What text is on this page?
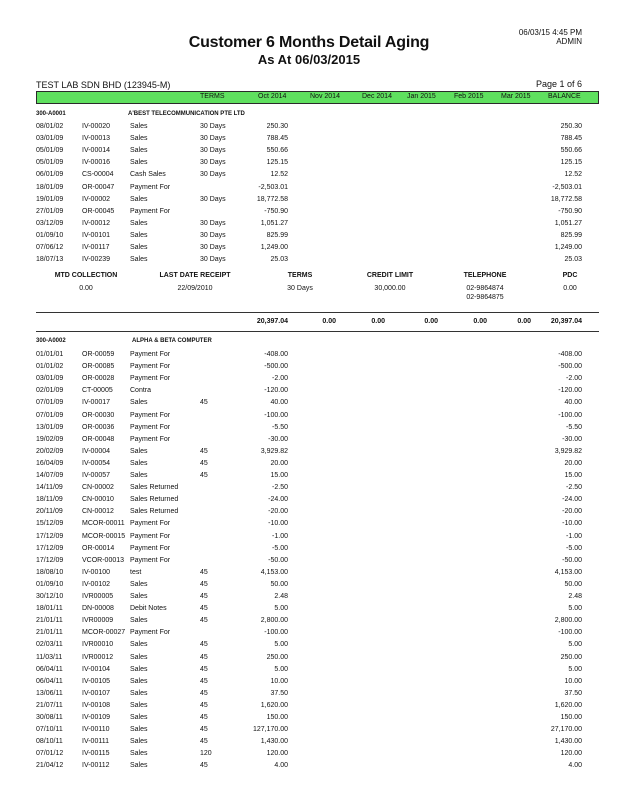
06/03/15 4:45 PM
ADMIN
Customer 6 Months Detail Aging
As At 06/03/2015
TEST LAB SDN BHD (123945-M)	Page 1 of 6
TERMS	Oct 2014	Nov 2014	Dec 2014 Jan 2015	Feb 2015 Mar 2015 BALANCE
300-A0001	A'BEST TELECOMMUNICATION PTE LTD
08/01/02	IV-00020	Sales	30 Days	250.30	250.30
03/01/09	IV-00013	Sales	30 Days	788.45	788.45
05/01/09	IV-00014	Sales	30 Days	550.66	550.66
05/01/09	IV-00016	Sales	30 Days	125.15	125.15
06/01/09	CS-00004 Cash Sales	30 Days	12.52	12.52
18/01/09	OR-00047 Payment For	-2,503.01	-2,503.01
19/01/09	IV-00002	Sales	30 Days	18,772.58	18,772.58
27/01/09	OR-00045 Payment For	-750.90	-750.90
03/12/09	IV-00012	Sales	30 Days	1,051.27	1,051.27
01/09/10	IV-00101	Sales	30 Days	825.99	825.99
07/06/12	IV-00117	Sales	30 Days	1,249.00	1,249.00
18/07/13	IV-00239	Sales	30 Days	25.03	25.03
MTD COLLECTION	LAST DATE RECEIPT	TERMS	CREDIT LIMIT	TELEPHONE	PDC
0.00	22/09/2010	30 Days	30,000.00	02-9864874
02-9864875
0.00
20,397.04	0.00	0.00	0.00	0.00	0.00	20,397.04
300-A0002	ALPHA & BETA COMPUTER
01/01/01	OR-00059 Payment For	-408.00	-408.00
01/01/02	OR-00085 Payment For	-500.00	-500.00
03/01/09	OR-00028 Payment For	-2.00	-2.00
02/01/09	CT-00005 Contra	-120.00	-120.00
07/01/09	IV-00017	Sales	45	40.00	40.00
07/01/09	OR-00030 Payment For	-100.00	-100.00
13/01/09	OR-00036 Payment For	-5.50	-5.50
19/02/09	OR-00048 Payment For	-30.00	-30.00
20/02/09	IV-00004	Sales	45	3,929.82	3,929.82
16/04/09	IV-00054	Sales	45	20.00	20.00
14/07/09	IV-00057	Sales	45	15.00	15.00
14/11/09	CN-00002 Sales Returned	-2.50	-2.50
18/11/09	CN-00010 Sales Returned	-24.00	-24.00
20/11/09	CN-00012 Sales Returned	-20.00	-20.00
15/12/09	MCOR-00011 Payment For	-10.00	-10.00
17/12/09	MCOR-00015 Payment For	-1.00	-1.00
17/12/09	OR-00014 Payment For	-5.00	-5.00
17/12/09	VCOR-00013 Payment For	-50.00	-50.00
18/08/10	IV-00100	test	45	4,153.00	4,153.00
01/09/10	IV-00102	Sales	45	50.00	50.00
30/12/10	IVR00005 Sales	45	2.48	2.48
18/01/11	DN-00008 Debit Notes	45	5.00	5.00
21/01/11	IVR00009 Sales	45	2,800.00	2,800.00
21/01/11	MCOR-00027 Payment For	-100.00	-100.00
02/03/11	IVR00010 Sales	45	5.00	5.00
11/03/11	IVR00012 Sales	45	250.00	250.00
06/04/11	IV-00104	Sales	45	5.00	5.00
06/04/11	IV-00105	Sales	45	10.00	10.00
13/06/11	IV-00107	Sales	45	37.50	37.50
21/07/11	IV-00108	Sales	45	1,620.00	1,620.00
30/08/11	IV-00109	Sales	45	150.00	150.00
07/10/11	IV-00110	Sales	45	127,170.00	27,170.00
08/10/11	IV-00111	Sales	45	1,430.00	1,430.00
07/01/12	IV-00115	Sales	120	120.00	120.00
21/04/12	IV-00112	Sales	45	4.00	4.00
